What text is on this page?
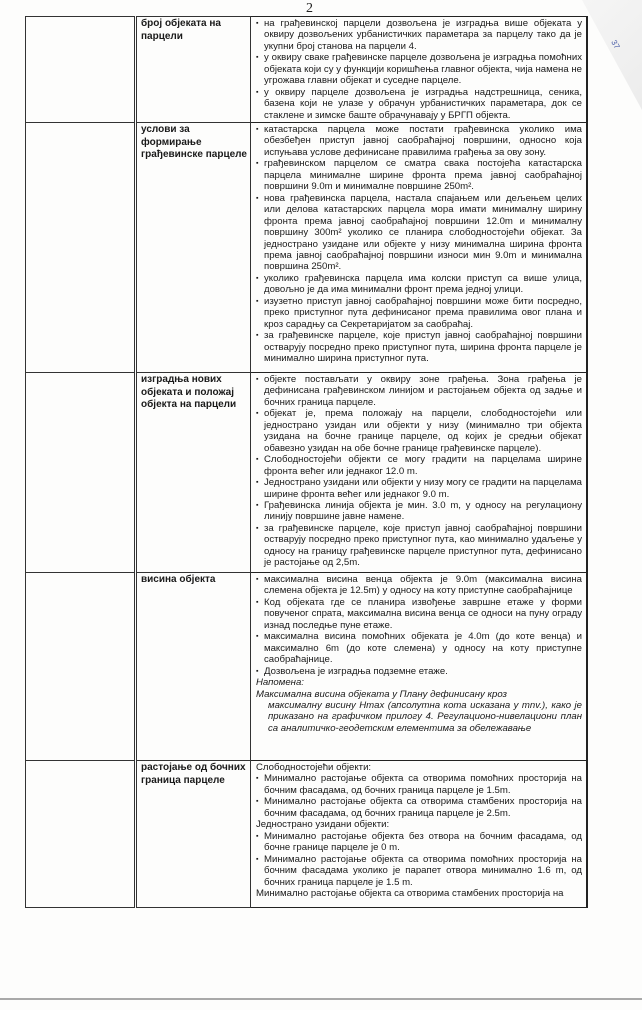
2
37
	број објеката на парцели	
▪ на грађевинској парцели дозвољена је изградња више објеката у оквиру дозвољених урбанистичких параметара за парцелу тако да је укупни број станова на парцели 4.
▪ у оквиру сваке грађевинске парцеле дозвољена је изградња помоћних објеката који су у функцији коришћења главног објекта, чија намена не угрожава главни објекат и суседне парцеле.
▪ у оквиру парцеле дозвољена је изградња надстрешница, сеника, базена који не улазе у обрачун урбанистичких параметара, док се стаклене и зимске баште обрачунавају у БРГП објекта.

	услови за формирање грађевинске парцеле	
▪ катастарска парцела може постати грађевинска уколико има обезбеђен приступ јавној саобраћајној површини, односно која испуњава услове дефинисане правилима грађења за ову зону.
▪ грађевинском парцелом се сматра свака постојећа катастарска парцела минималне ширине фронта према јавној саобраћајној површини 9.0m и минималне површине 250m².
▪ нова грађевинска парцела, настала спајањем или дељењем целих или делова катастарских парцела мора имати минималну ширину фронта према јавној саобраћајној површини 12.0m и минималну површину 300m² уколико се планира слободностојећи објекат. За једнострано узидане или објекте у низу минимална ширина фронта према јавној саобраћајној површини износи мин 9.0m и минимална површина 250m².
▪ уколико грађевинска парцела има колски приступ са више улица, довољно је да има минимални фронт према једној улици.
▪ изузетно приступ јавној саобраћајној површини може бити посредно, преко приступног пута дефинисаног према правилима овог плана и кроз сарадњу са Секретаријатом за саобраћај.
▪ за грађевинске парцеле, које приступ јавној саобраћајној површини остварују посредно преко приступног пута, ширина фронта парцеле је минимално ширина приступног пута.

	изградња нових објеката и положај објекта на парцели	
▪ објекте постављати у оквиру зоне грађења. Зона грађења је дефинисана грађевинском линијом и растојањем објекта од задње и бочних граница парцеле.
▪ објекат је, према положају на парцели, слободностојећи или једнострано узидан или објекти у низу (минимално три објекта узидана на бочне границе парцеле, од којих је средњи објекат обавезно узидан на обе бочне границе грађевинске парцеле).
▪ Слободностојећи објекти се могу градити на парцелама ширине фронта већег или једнаког 12.0 m.
▪ Једнострано узидани или објекти у низу могу се градити на парцелама ширине фронта већег или једнаког 9.0 m.
▪ Грађевинска линија објекта је мин. 3.0 m, у односу на регулациону линију површине јавне намене.
▪ за грађевинске парцеле, које приступ јавној саобраћајној површини остварују посредно преко приступног пута, као минимално удаљење у односу на границу грађевинске парцеле приступног пута, дефинисано је растојање од 2,5m.

	висина објекта	
▪максимална висина венца објекта је 9.0m (максимална висина слемена објекта је 12.5m) у односу на коту приступне саобраћајнице
▪ Код објеката где се планира извођење завршне етаже у форми повученог спрата, максимална висина венца се односи на пуну ограду изнад последње пуне етаже.
▪ максимална висина помоћних објеката је 4.0m (до коте венца) и максимално 6m (до коте слемена) у односу на коту приступне саобраћајнице.
▪ Дозвољена је изградња подземне етаже.
Напомена:
Максимална висина објеката у Плану дефинисану кроз
максималну висину Hmax (апсолутна кота исказана у mnv.), како је приказано на графичком прилогу 4. Регулационо-нивелациони план са аналитичко-геодетским елементима за обележавање

	растојање од бочних граница парцеле	
Слободностојећи објекти:
▪ Минимално растојање објекта са отворима помоћних просторија на бочним фасадама, од бочних граница парцеле је 1.5m.
▪ Минимално растојање објекта са отворима стамбених просторија на бочним фасадама, од бочних граница парцеле је 2.5m.
Једнострано узидани објекти:
▪ Минимално растојање објекта без отвора на бочним фасадама, од бочне границе парцеле је 0 m.
▪ Минимално растојање објекта са отворима помоћних просторија на бочним фасадама уколико је парапет отвора минимално 1.6 m, од бочних граница парцеле је 1.5 m.
Минимално растојање објекта са отворима стамбених просторија на
